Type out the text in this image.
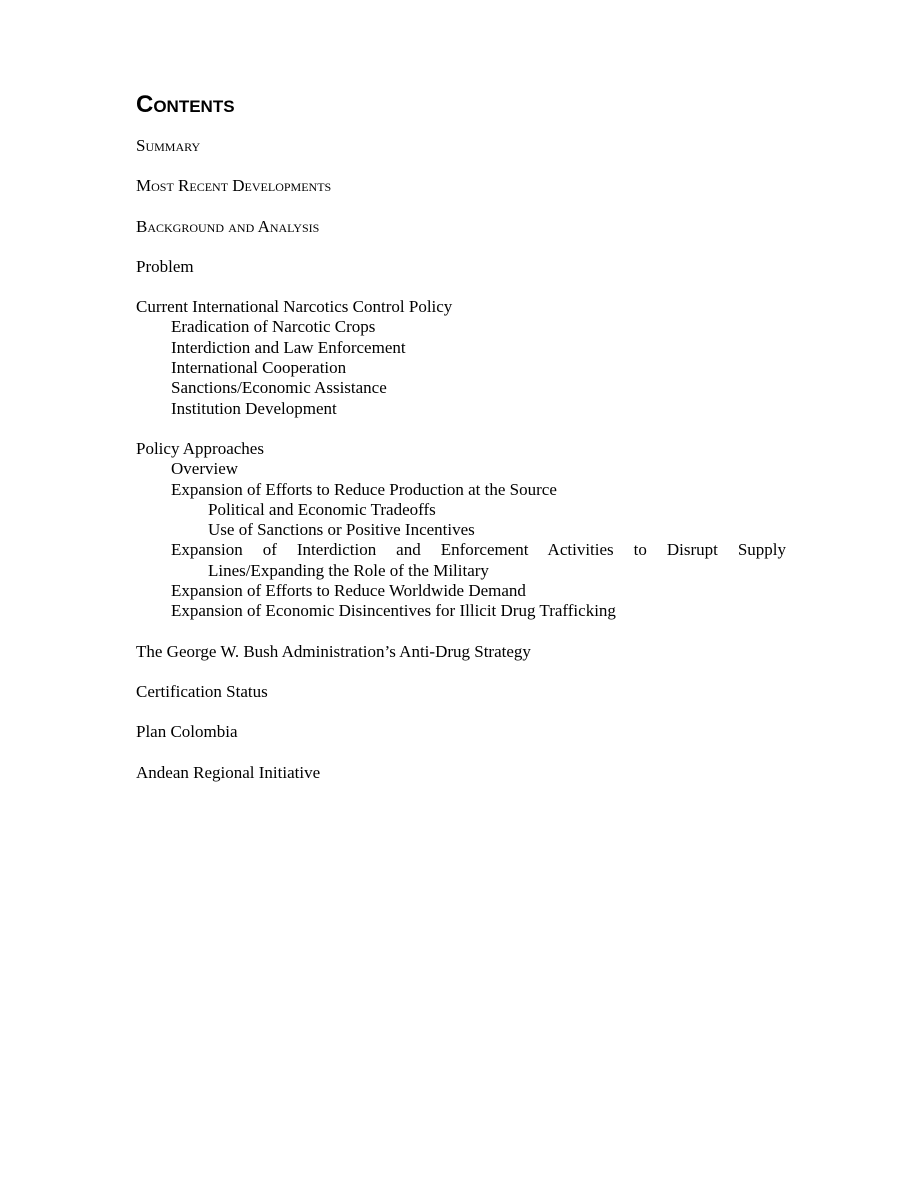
Contents

Summary

Most Recent Developments

Background and Analysis

Problem

Current International Narcotics Control Policy

Eradication of Narcotic Crops

Interdiction and Law Enforcement

International Cooperation

Sanctions/Economic Assistance

Institution Development

Policy Approaches

Overview

Expansion of Efforts to Reduce Production at the Source

Political and Economic Tradeoffs

Use of Sanctions or Positive Incentives

Expansion of Interdiction and Enforcement Activities to Disrupt Supply

Lines/Expanding the Role of the Military

Expansion of Efforts to Reduce Worldwide Demand

Expansion of Economic Disincentives for Illicit Drug Trafficking

The George W. Bush Administration’s Anti-Drug Strategy

Certification Status

Plan Colombia

Andean Regional Initiative
